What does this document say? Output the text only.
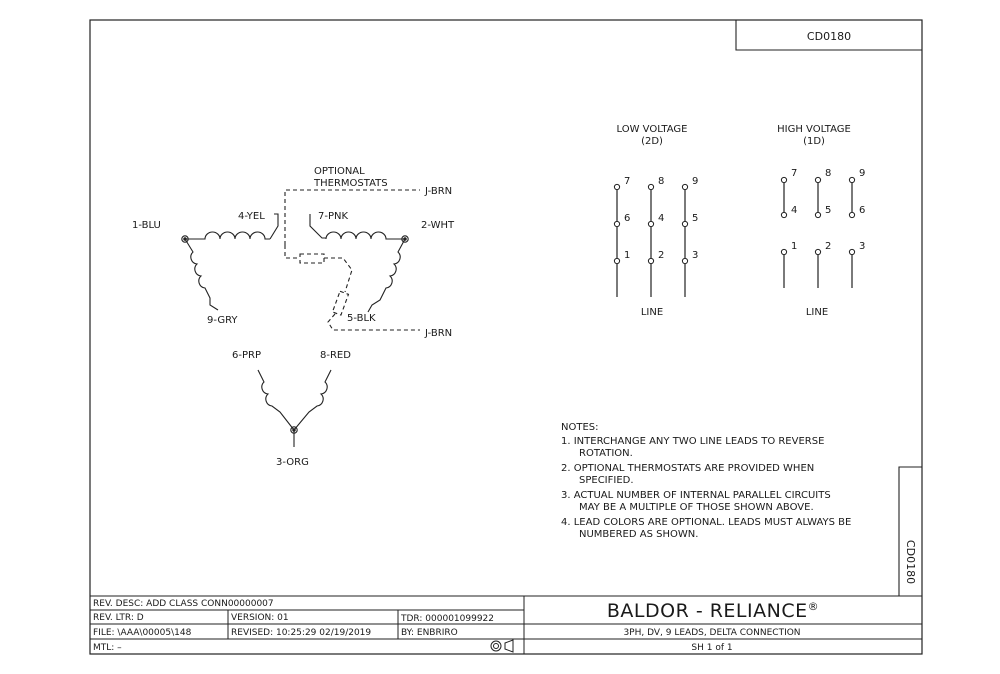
CD0180
CD0180
1-BLU
4-YEL	7-PNK
2-WHT
9-GRY	5-BLK
6-PRP	8-RED
3-ORG
J-BRN
J-BRN
OPTIONAL
THERMOSTATS
LOW VOLTAGE
(2D)
7	8	9
6	4	5
1	2	3
LINE
HIGH VOLTAGE
(1D)
7	8	9
4	5	6
1	2	3
LINE
NOTES:
1. INTERCHANGE ANY TWO LINE LEADS TO REVERSE
ROTATION.
2. OPTIONAL THERMOSTATS ARE PROVIDED WHEN
SPECIFIED.
3. ACTUAL NUMBER OF INTERNAL PARALLEL CIRCUITS
MAY BE A MULTIPLE OF THOSE SHOWN ABOVE.
4. LEAD COLORS ARE OPTIONAL. LEADS MUST ALWAYS BE
NUMBERED AS SHOWN.
REV. DESC: ADD CLASS CONN00000007
REV. LTR: D	VERSION: 01	TDR: 000001099922
FILE: \AAA\00005\148	REVISED: 10:25:29 02/19/2019	BY: ENBRIRO
MTL: –
BALDOR - RELIANCE®
3PH, DV, 9 LEADS, DELTA CONNECTION
SH 1 of 1
